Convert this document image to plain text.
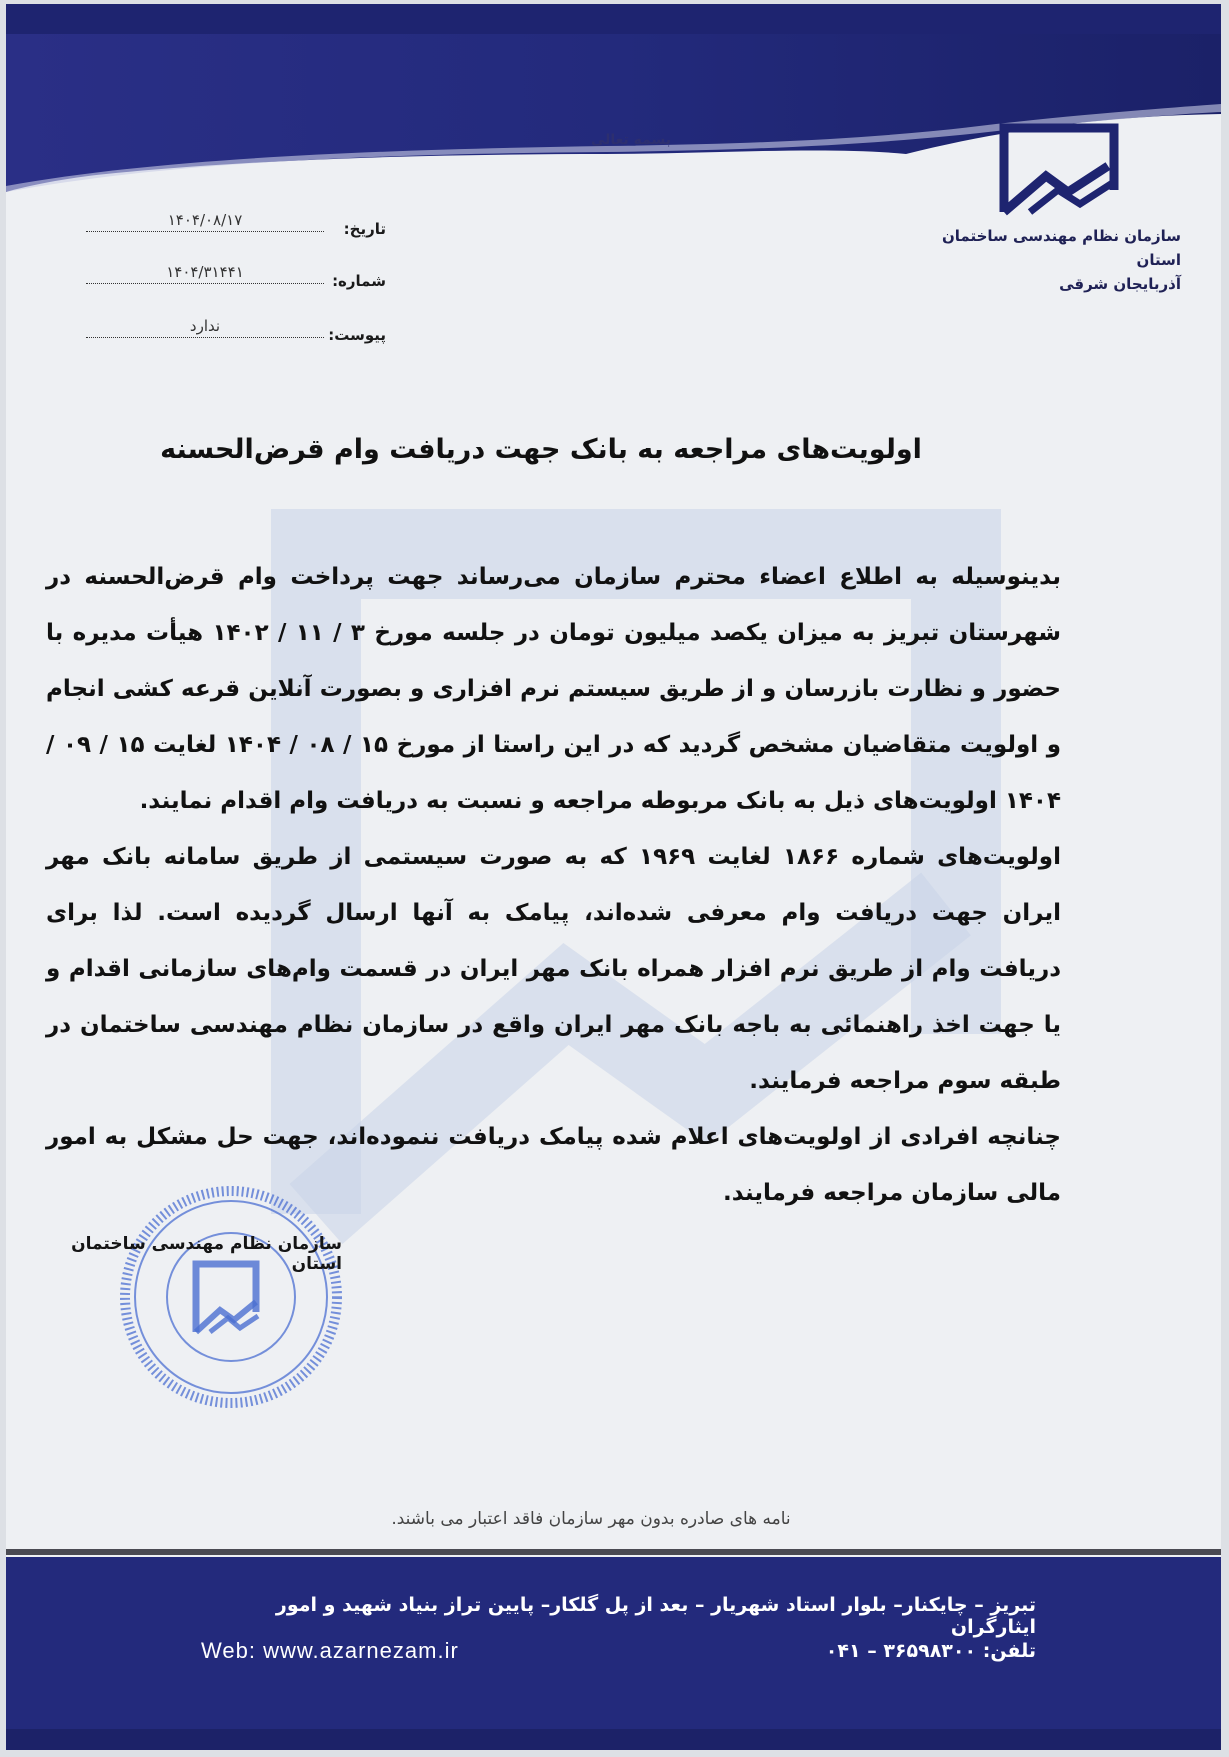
بسمه تعالی
سازمان نظام مهندسی ساختمان استان
آذربایجان شرقی
تاریخ:
۱۴۰۴/۰۸/۱۷
شماره:
۱۴۰۴/۳۱۴۴۱
پیوست:
ندارد
اولویت‌های مراجعه به بانک جهت دریافت وام قرض‌الحسنه

بدینوسیله به اطلاع اعضاء محترم سازمان می‌رساند جهت پرداخت وام قرض‌الحسنه در شهرستان تبریز به میزان یکصد میلیون تومان در جلسه مورخ ۳ / ۱۱ / ۱۴۰۲ هیأت مدیره با حضور و نظارت بازرسان و از طریق سیستم نرم افزاری و بصورت آنلاین قرعه کشی انجام و اولویت متقاضیان مشخص گردید که در این راستا از مورخ ۱۵ / ۰۸ / ۱۴۰۴ لغایت ۱۵ / ۰۹ / ۱۴۰۴ اولویت‌های ذیل به بانک مربوطه مراجعه و نسبت به دریافت وام اقدام نمایند.

اولویت‌های شماره ۱۸۶۶ لغایت ۱۹۶۹ که به صورت سیستمی از طریق سامانه بانک مهر ایران جهت دریافت وام معرفی شده‌اند، پیامک به آنها ارسال گردیده است. لذا برای دریافت وام از طریق نرم افزار همراه بانک مهر ایران در قسمت وام‌های سازمانی اقدام و یا جهت اخذ راهنمائی به باجه بانک مهر ایران واقع در سازمان نظام مهندسی ساختمان در طبقه سوم مراجعه فرمایند.

چنانچه افرادی از اولویت‌های اعلام شده پیامک دریافت ننموده‌اند، جهت حل مشکل به امور مالی سازمان مراجعه فرمایند.

سازمان نظام مهندسی ساختمان استان
نامه های صادره بدون مهر سازمان فاقد اعتبار می باشند.
تبریز – چایکنار– بلوار استاد شهریار – بعد از پل گلکار– پایین تراز بنیاد شهید و امور ایثارگران
Web: www.azarnezam.ir	تلفن: ۳۶۵۹۸۳۰۰ – ۰۴۱
